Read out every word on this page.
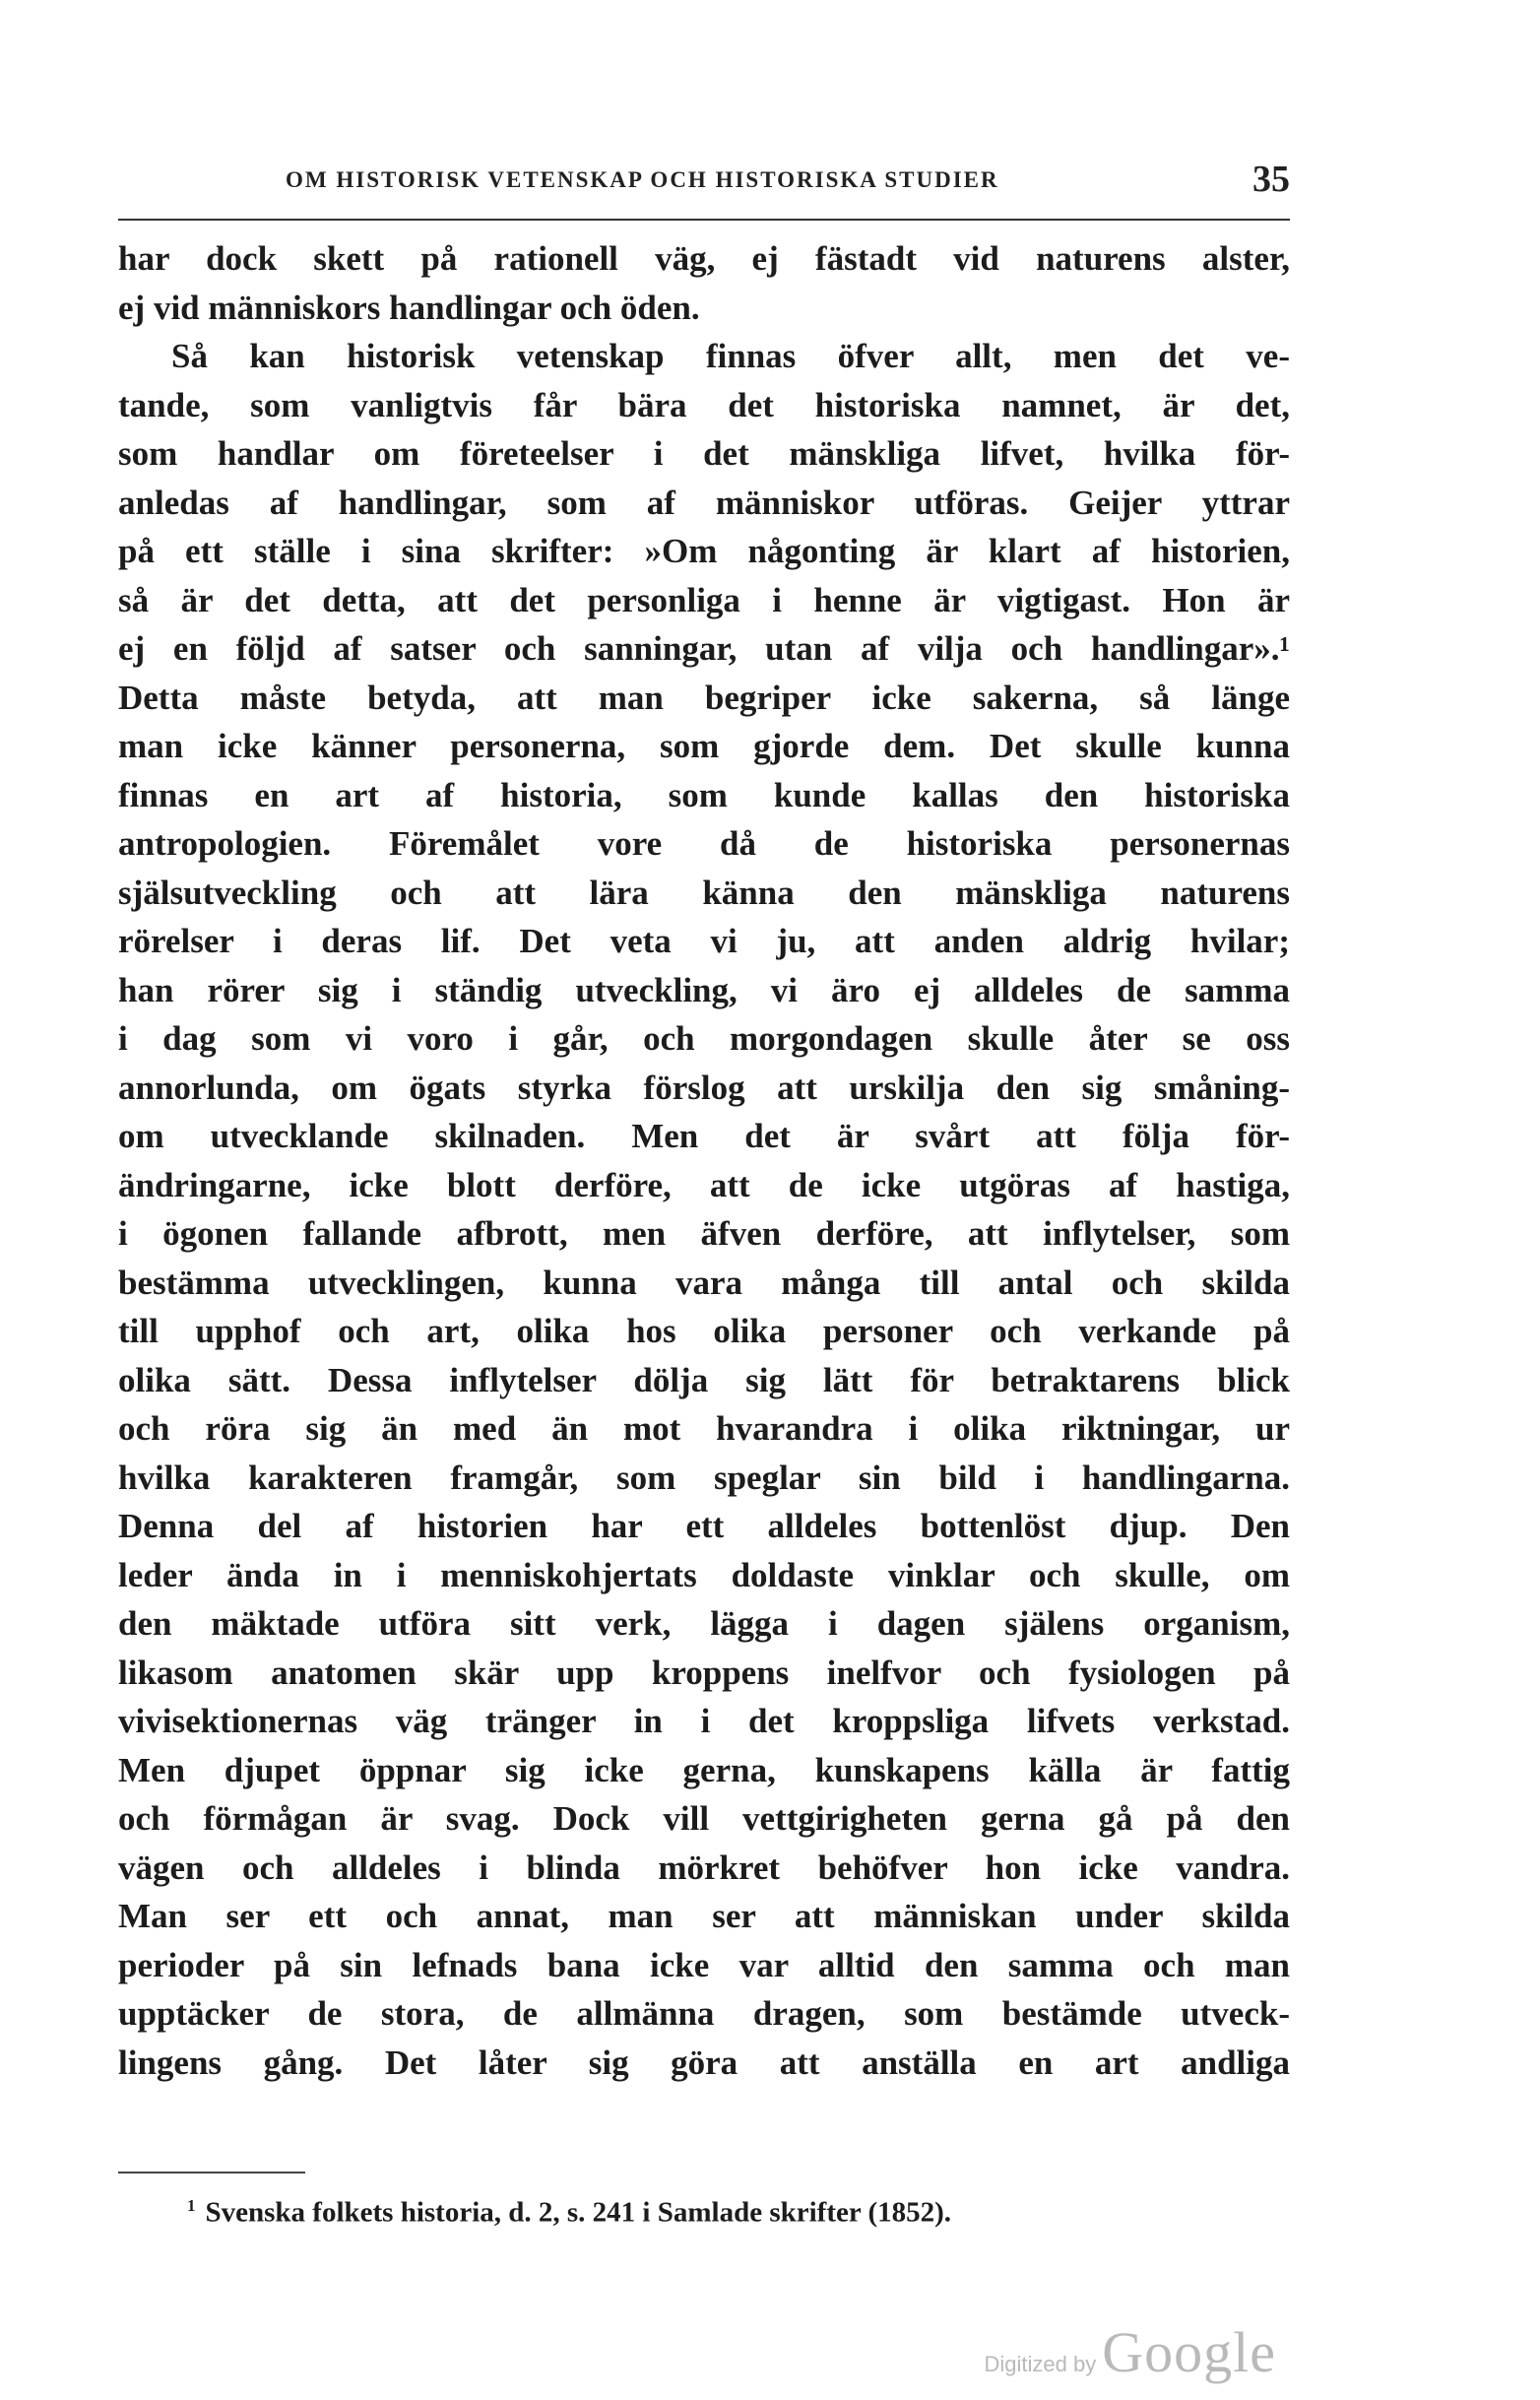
OM HISTORISK VETENSKAP OCH HISTORISKA STUDIER	35
har dock skett på rationell väg, ej fästadt vid naturens alster,
ej vid människors handlingar och öden.
Så kan historisk vetenskap finnas öfver allt, men det ve-
tande, som vanligtvis får bära det historiska namnet, är det,
som handlar om företeelser i det mänskliga lifvet, hvilka för-
anledas af handlingar, som af människor utföras. Geijer yttrar
på ett ställe i sina skrifter: »Om någonting är klart af historien,
så är det detta, att det personliga i henne är vigtigast. Hon är
ej en följd af satser och sanningar, utan af vilja och handlingar».¹
Detta måste betyda, att man begriper icke sakerna, så länge
man icke känner personerna, som gjorde dem. Det skulle kunna
finnas en art af historia, som kunde kallas den historiska
antropologien. Föremålet vore då de historiska personernas
själsutveckling och att lära känna den mänskliga naturens
rörelser i deras lif. Det veta vi ju, att anden aldrig hvilar;
han rörer sig i ständig utveckling, vi äro ej alldeles de samma
i dag som vi voro i går, och morgondagen skulle åter se oss
annorlunda, om ögats styrka förslog att urskilja den sig småning-
om utvecklande skilnaden. Men det är svårt att följa för-
ändringarne, icke blott derföre, att de icke utgöras af hastiga,
i ögonen fallande afbrott, men äfven derföre, att inflytelser, som
bestämma utvecklingen, kunna vara många till antal och skilda
till upphof och art, olika hos olika personer och verkande på
olika sätt. Dessa inflytelser dölja sig lätt för betraktarens blick
och röra sig än med än mot hvarandra i olika riktningar, ur
hvilka karakteren framgår, som speglar sin bild i handlingarna.
Denna del af historien har ett alldeles bottenlöst djup. Den
leder ända in i menniskohjertats doldaste vinklar och skulle, om
den mäktade utföra sitt verk, lägga i dagen själens organism,
likasom anatomen skär upp kroppens inelfvor och fysiologen på
vivisektionernas väg tränger in i det kroppsliga lifvets verkstad.
Men djupet öppnar sig icke gerna, kunskapens källa är fattig
och förmågan är svag. Dock vill vettgirigheten gerna gå på den
vägen och alldeles i blinda mörkret behöfver hon icke vandra.
Man ser ett och annat, man ser att människan under skilda
perioder på sin lefnads bana icke var alltid den samma och man
upptäcker de stora, de allmänna dragen, som bestämde utveck-
lingens gång. Det låter sig göra att anställa en art andliga
$^1$ Svenska folkets historia, d. 2, s. 241 i Samlade skrifter (1852).
Digitized by Google
